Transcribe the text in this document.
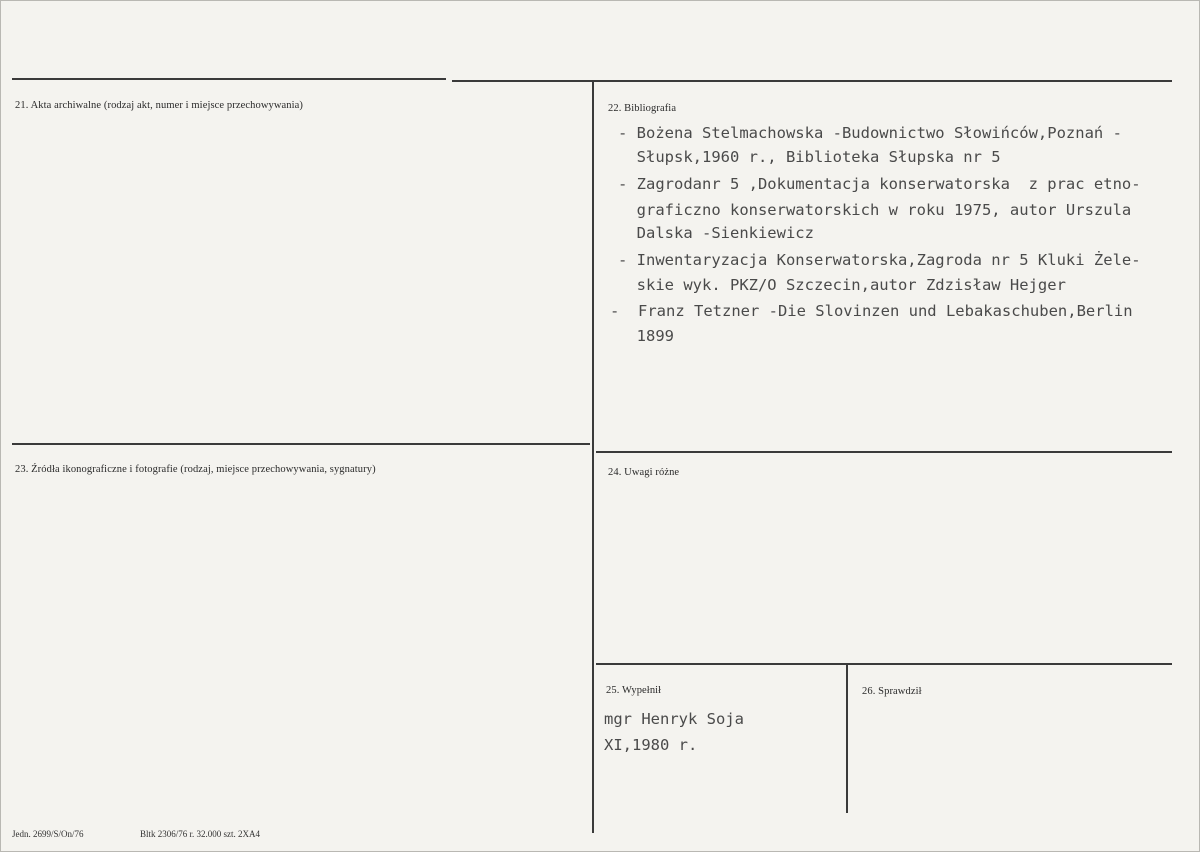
21. Akta archiwalne (rodzaj akt, numer i miejsce przechowywania)	22. Bibliografia
23. Źródła ikonograficzne i fotografie (rodzaj, miejsce przechowywania, sygnatury)	24. Uwagi różne
25. Wypełnił	26. Sprawdził
- Bożena Stelmachowska -Budownictwo Słowińców,Poznań -
Słupsk,1960 r., Biblioteka Słupska nr 5
- Zagrodanr 5 ,Dokumentacja konserwatorska  z prac etno-
graficzno konserwatorskich w roku 1975, autor Urszula
Dalska -Sienkiewicz
- Inwentaryzacja Konserwatorska,Zagroda nr 5 Kluki Żele-
skie wyk. PKZ/O Szczecin,autor Zdzisław Hejger
-  Franz Tetzner -Die Slovinzen und Lebakaschuben,Berlin
1899
mgr Henryk Soja
XI,1980 r.
Jedn. 2699/S/On/76	Bltk 2306/76 r. 32.000 szt. 2XA4
